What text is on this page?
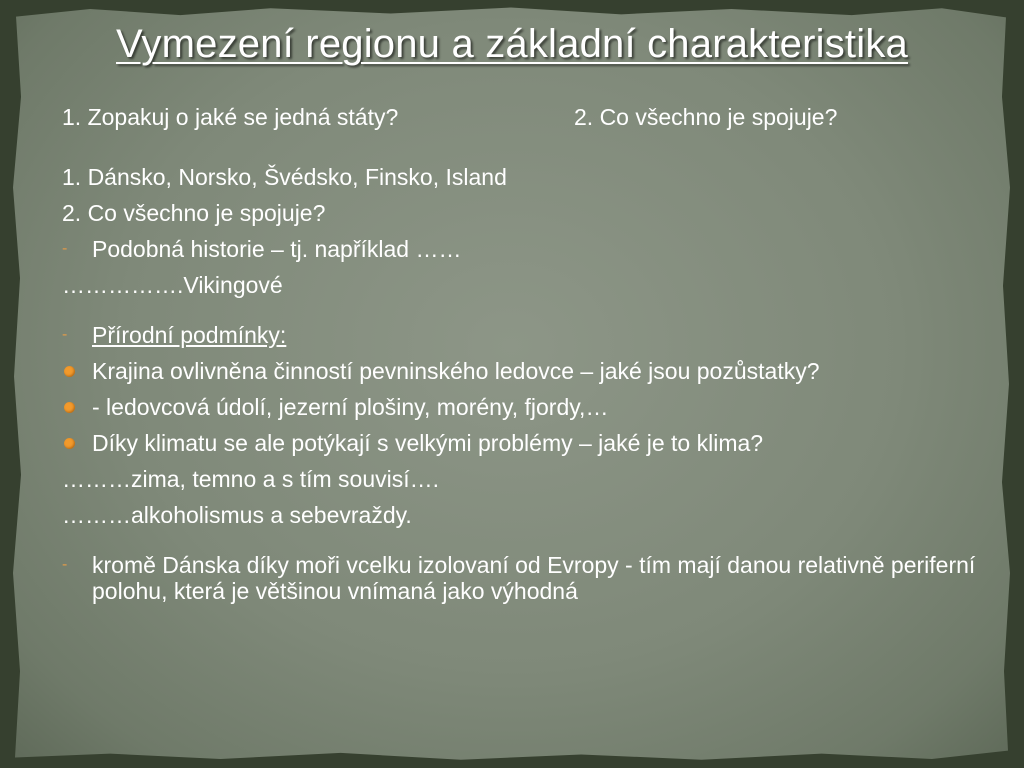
Vymezení regionu a základní charakteristika
1. Zopakuj o jaké se jedná státy?	2. Co všechno je spojuje?
1. Dánsko, Norsko, Švédsko, Finsko, Island
2. Co všechno je spojuje?
-	Podobná historie – tj. například ……
…………….Vikingové
-	Přírodní podmínky:
Krajina ovlivněna činností pevninského ledovce – jaké jsou pozůstatky?
- ledovcová údolí, jezerní plošiny, morény, fjordy,…
Díky klimatu se ale potýkají s velkými problémy – jaké je to klima?
………zima, temno a s tím souvisí….
………alkoholismus a sebevraždy.
-	kromě Dánska díky moři vcelku izolovaní od Evropy - tím mají danou relativně periferní polohu, která je většinou vnímaná jako výhodná
